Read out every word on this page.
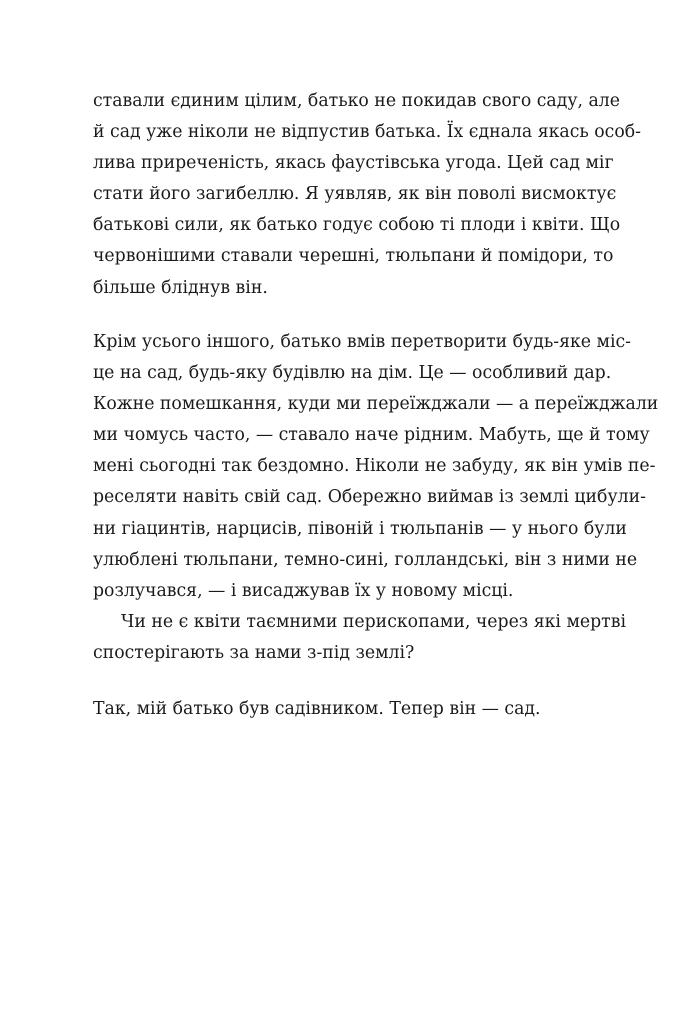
ставали єдиним цілим, батько не покидав свого саду, але
й сад уже ніколи не відпустив батька. Їх єднала якась особ-
лива приреченість, якась фаустівська угода. Цей сад міг
стати його загибеллю. Я уявляв, як він поволі висмоктує
батькові сили, як батько годує собою ті плоди і квіти. Що
червонішими ставали черешні, тюльпани й помідори, то
більше бліднув він.
Крім усього іншого, батько вмів перетворити будь-яке міс-
це на сад, будь-яку будівлю на дім. Це — особливий дар.
Кожне помешкання, куди ми переїжджали — а переїжджали
ми чомусь часто, — ставало наче рідним. Мабуть, ще й тому
мені сьогодні так бездомно. Ніколи не забуду, як він умів пе-
реселяти навіть свій сад. Обережно виймав із землі цибули-
ни гіацинтів, нарцисів, півоній і тюльпанів — у нього були
улюблені тюльпани, темно-сині, голландські, він з ними не
розлучався, — і висаджував їх у новому місці.
Чи не є квіти таємними перископами, через які мертві
спостерігають за нами з-під землі?
Так, мій батько був садівником. Тепер він — сад.
